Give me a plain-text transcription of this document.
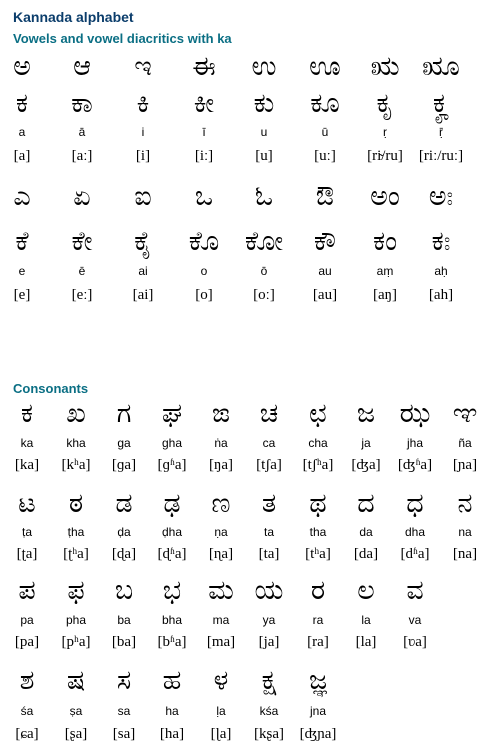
Kannada alphabet
Vowels and vowel diacritics with ka
ಅ
ಕ
a
[a]
ಆ
ಕಾ
ā
[aː]
ಇ
ಕಿ
i
[i]
ಈ
ಕೀ
ī
[iː]
ಉ
ಕು
u
[u]
ಊ
ಕೂ
ū
[uː]
ಋ
ಕೃ
ṛ
[ri̴/ru]
ೠ
ಕೄ
ṝ
[riː/ruː]
ಎ
ಕೆ
e
[e]
ಏ
ಕೇ
ē
[eː]
ಐ
ಕೈ
ai
[ai]
ಒ
ಕೊ
o
[o]
ಓ
ಕೋ
ō
[oː]
ಔ
ಕೌ
au
[au]
ಅಂ
ಕಂ
aṃ
[aŋ]
ಅಃ
ಕಃ
aḥ
[ah]
Consonants
ಕ
ka
[ka]
ಖ
kha
[kʰa]
ಗ
ga
[ɡa]
ಘ
gha
[ɡʱa]
ಙ
ṅa
[ŋa]
ಚ
ca
[tʃa]
ಛ
cha
[tʃʰa]
ಜ
ja
[ʤa]
ಝ
jha
[ʤʱa]
ಞ
ña
[ɲa]
ಟ
ṭa
[ʈa]
ಠ
ṭha
[ʈʰa]
ಡ
ḍa
[ɖa]
ಢ
ḍha
[ɖʱa]
ಣ
ṇa
[ɳa]
ತ
ta
[ta]
ಥ
tha
[tʰa]
ದ
da
[da]
ಧ
dha
[dʱa]
ನ
na
[na]
ಪ
pa
[pa]
ಫ
pha
[pʰa]
ಬ
ba
[ba]
ಭ
bha
[bʱa]
ಮ
ma
[ma]
ಯ
ya
[ja]
ರ
ra
[ra]
ಲ
la
[la]
ವ
va
[ʋa]
ಶ
śa
[ɕa]
ಷ
ṣa
[ʂa]
ಸ
sa
[sa]
ಹ
ha
[ha]
ಳ
ḷa
[ɭa]
ಕ್ಷ
kśa
[kʂa]
ಜ್ಞ
jna
[ʤɲa]
